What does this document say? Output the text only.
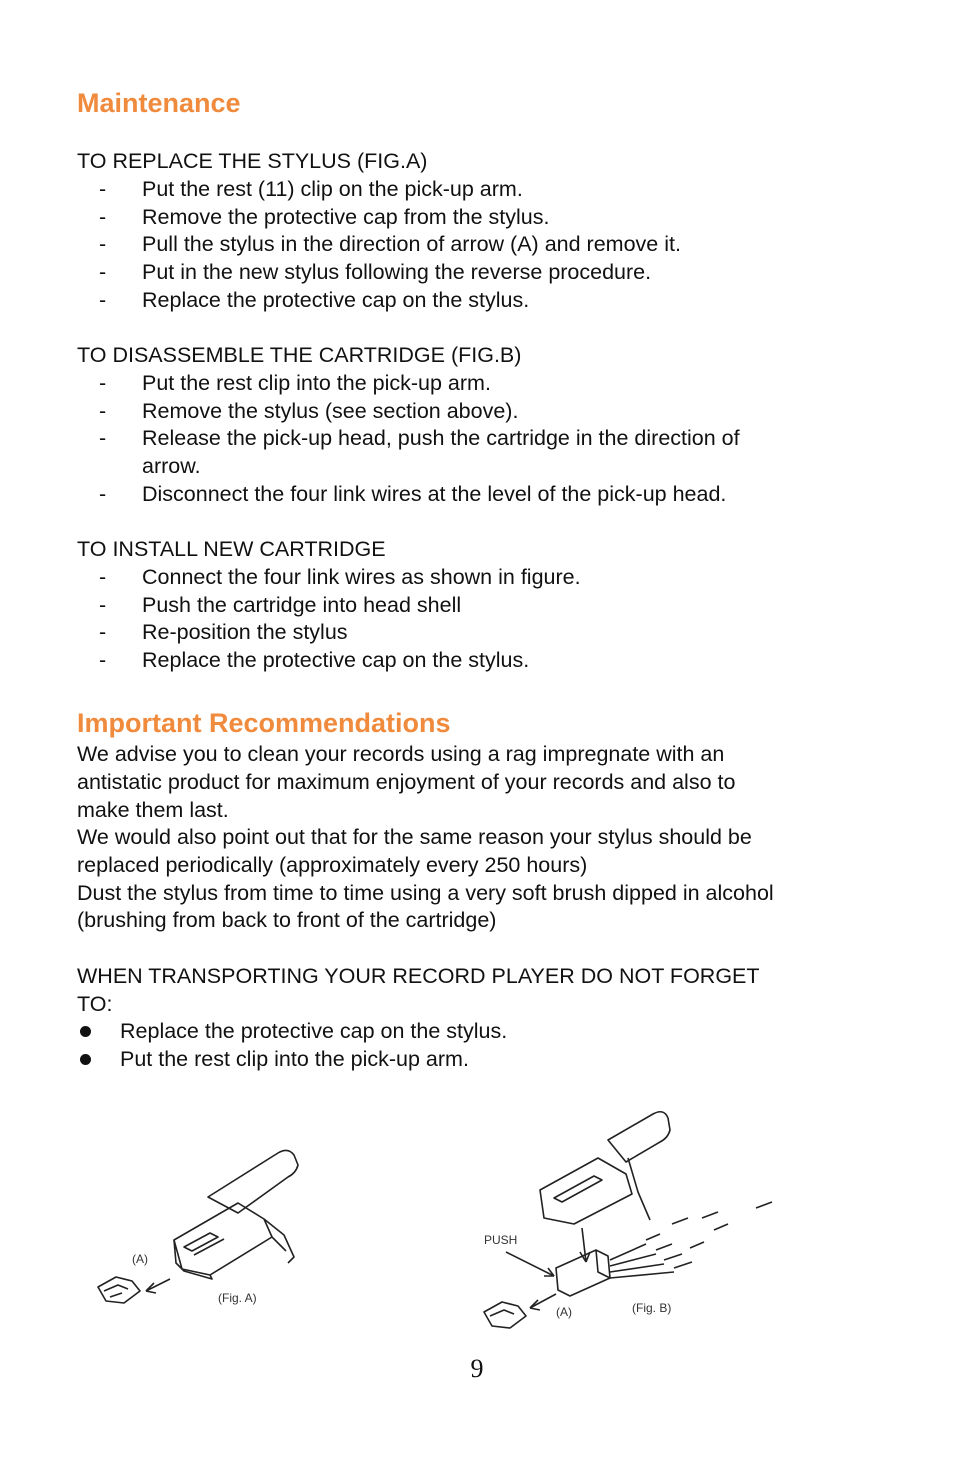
Maintenance

TO REPLACE THE STYLUS (FIG.A)

- Put the rest (11) clip on the pick-up arm.
- Remove the protective cap from the stylus.
- Pull the stylus in the direction of arrow (A) and remove it.
- Put in the new stylus following the reverse procedure.
- Replace the protective cap on the stylus.

TO DISASSEMBLE THE CARTRIDGE (FIG.B)

- Put the rest clip into the pick-up arm.
- Remove the stylus (see section above).
- Release the pick-up head, push the cartridge in the direction of
arrow.
- Disconnect the four link wires at the level of the pick-up head.

TO INSTALL NEW CARTRIDGE

- Connect the four link wires as shown in figure.
- Push the cartridge into head shell
- Re-position the stylus
- Replace the protective cap on the stylus.
Important Recommendations

We advise you to clean your records using a rag impregnate with an

antistatic product for maximum enjoyment of your records and also to

make them last.

We would also point out that for the same reason your stylus should be

replaced periodically (approximately every 250 hours)

Dust the stylus from time to time using a very soft brush dipped in alcohol

(brushing from back to front of the cartridge)

WHEN TRANSPORTING YOUR RECORD PLAYER DO NOT FORGET

TO:

Replace the protective cap on the stylus.
Put the rest clip into the pick-up arm.
(A)
(Fig. A)
PUSH
(A)	(Fig. B)
9
